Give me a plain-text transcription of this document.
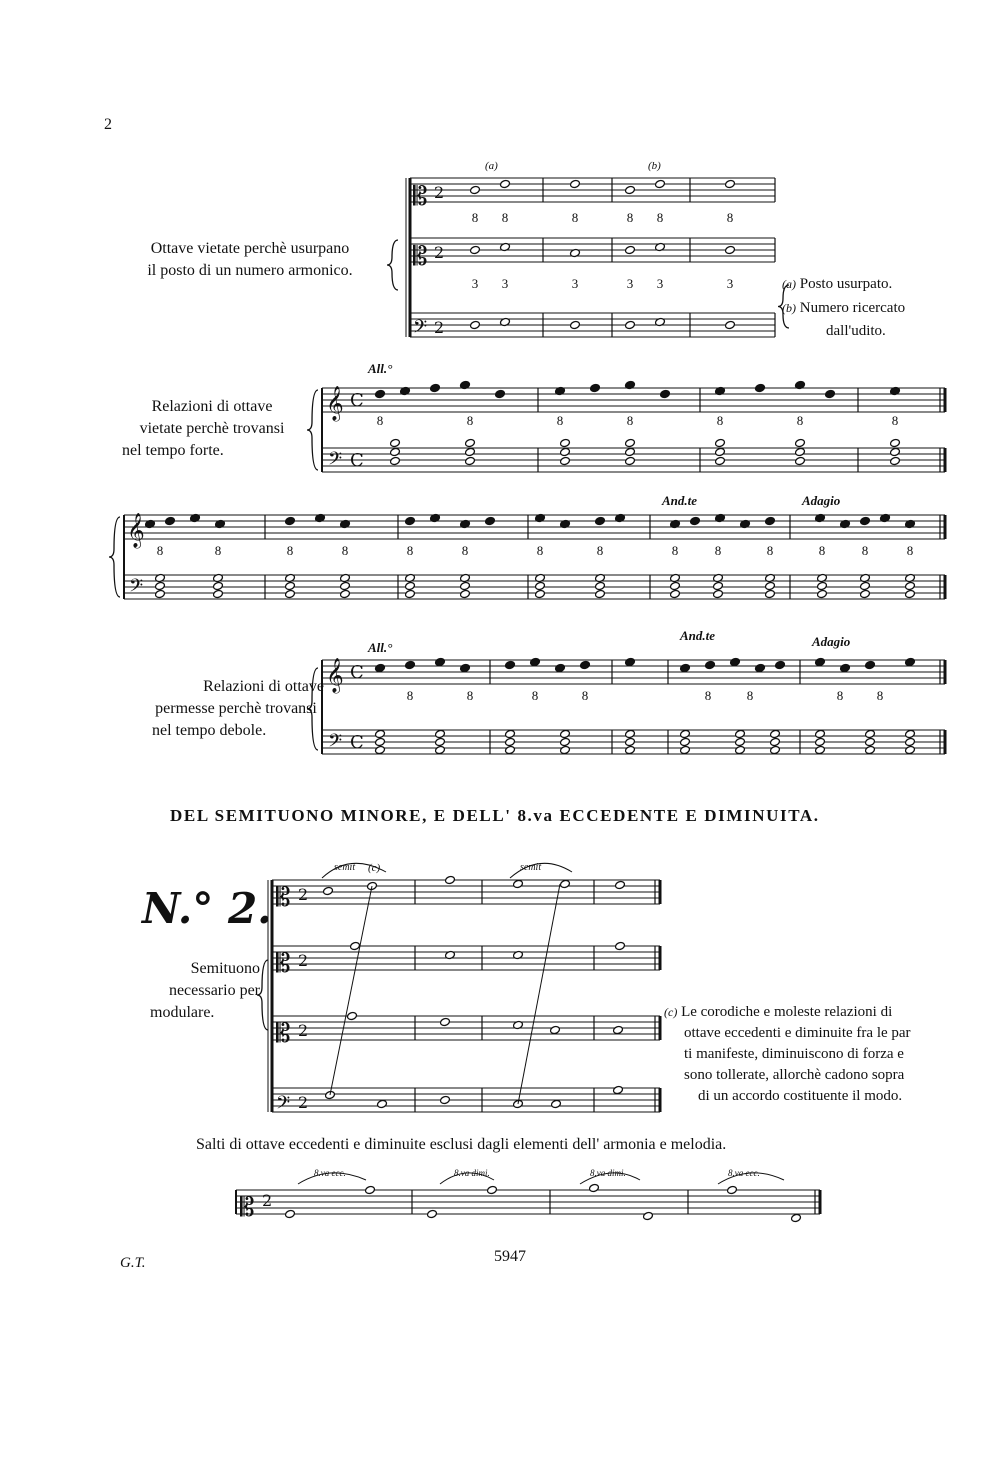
𝄡
𝄡
𝄢
2
2
2
8 8	8	8 8	8
3 3	3	3 3	3
𝄞
𝄢
C
C
8	8	8	8	8	8	8
𝄞
𝄢
8	8	8	8	8	8	8	8	8	8	8	8	8	8
𝄞
𝄢
C
C
8	8	8	8	8	8	8	8
𝄡
𝄡
𝄡
𝄢
2
2
2
2
𝄡 2
2
Ottave vietate perchè usurpano
il posto di un numero armonico.
(a)	(b)
(a) Posto usurpato.
(b) Numero ricercato
dall'udito.
All.°
Relazioni di ottave
vietate perchè trovansi
nel tempo forte.
And.te	Adagio
All.°
And.te	Adagio
Relazioni di ottave
permesse perchè trovansi
nel tempo debole.
DEL SEMITUONO MINORE, E DELL' 8.va ECCEDENTE E DIMINUITA.
N.° 2.
semit (c)	semit
Semituono
necessario per
modulare.	(c) Le corodiche e moleste relazioni di
ottave eccedenti e diminuite fra le par
ti manifeste, diminuiscono di forza e
sono tollerate, allorchè cadono sopra
di un accordo costituente il modo.
Salti di ottave eccedenti e diminuite esclusi dagli elementi dell' armonia e melodia.
8.va ecc.	8.va dimi.	8.va dimi.	8.va ecc.
G.T.	5947
